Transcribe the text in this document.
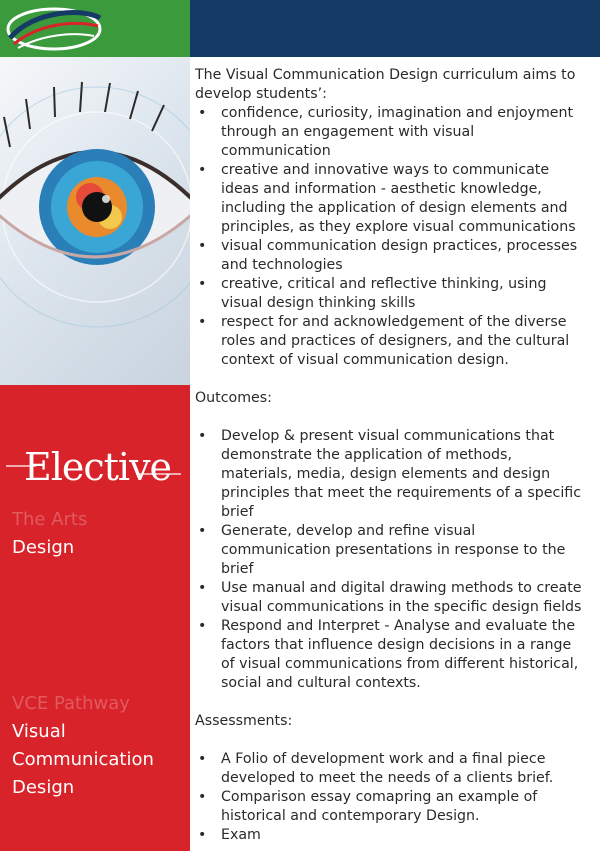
Elective
The Arts
Design
VCE Pathway
Visual
Communication
Design

The Visual Communication Design curriculum aims to develop students’:

• confidence, curiosity, imagination and enjoyment through an engagement with visual communication
• creative and innovative ways to communicate ideas and information - aesthetic knowledge, including the application of design elements and principles, as they explore visual communications
• visual communication design practices, processes and technologies
• creative, critical and reflective thinking, using visual design thinking skills
• respect for and acknowledgement of the diverse roles and practices of designers, and the cultural context of visual communication design.

Outcomes:

• Develop & present visual communications that demonstrate the application of methods, materials, media, design elements and design principles that meet the requirements of a specific brief
• Generate, develop and refine visual communication presentations in response to the brief
• Use manual and digital drawing methods to create visual communications in the specific design fields
• Respond and Interpret - Analyse and evaluate the factors that influence design decisions in a range of visual communications from different historical, social and cultural contexts.

Assessments:

• A Folio of development work and a final piece developed to meet the needs of a clients brief.
• Comparison essay comapring an example of historical and contemporary Design.
• Exam
